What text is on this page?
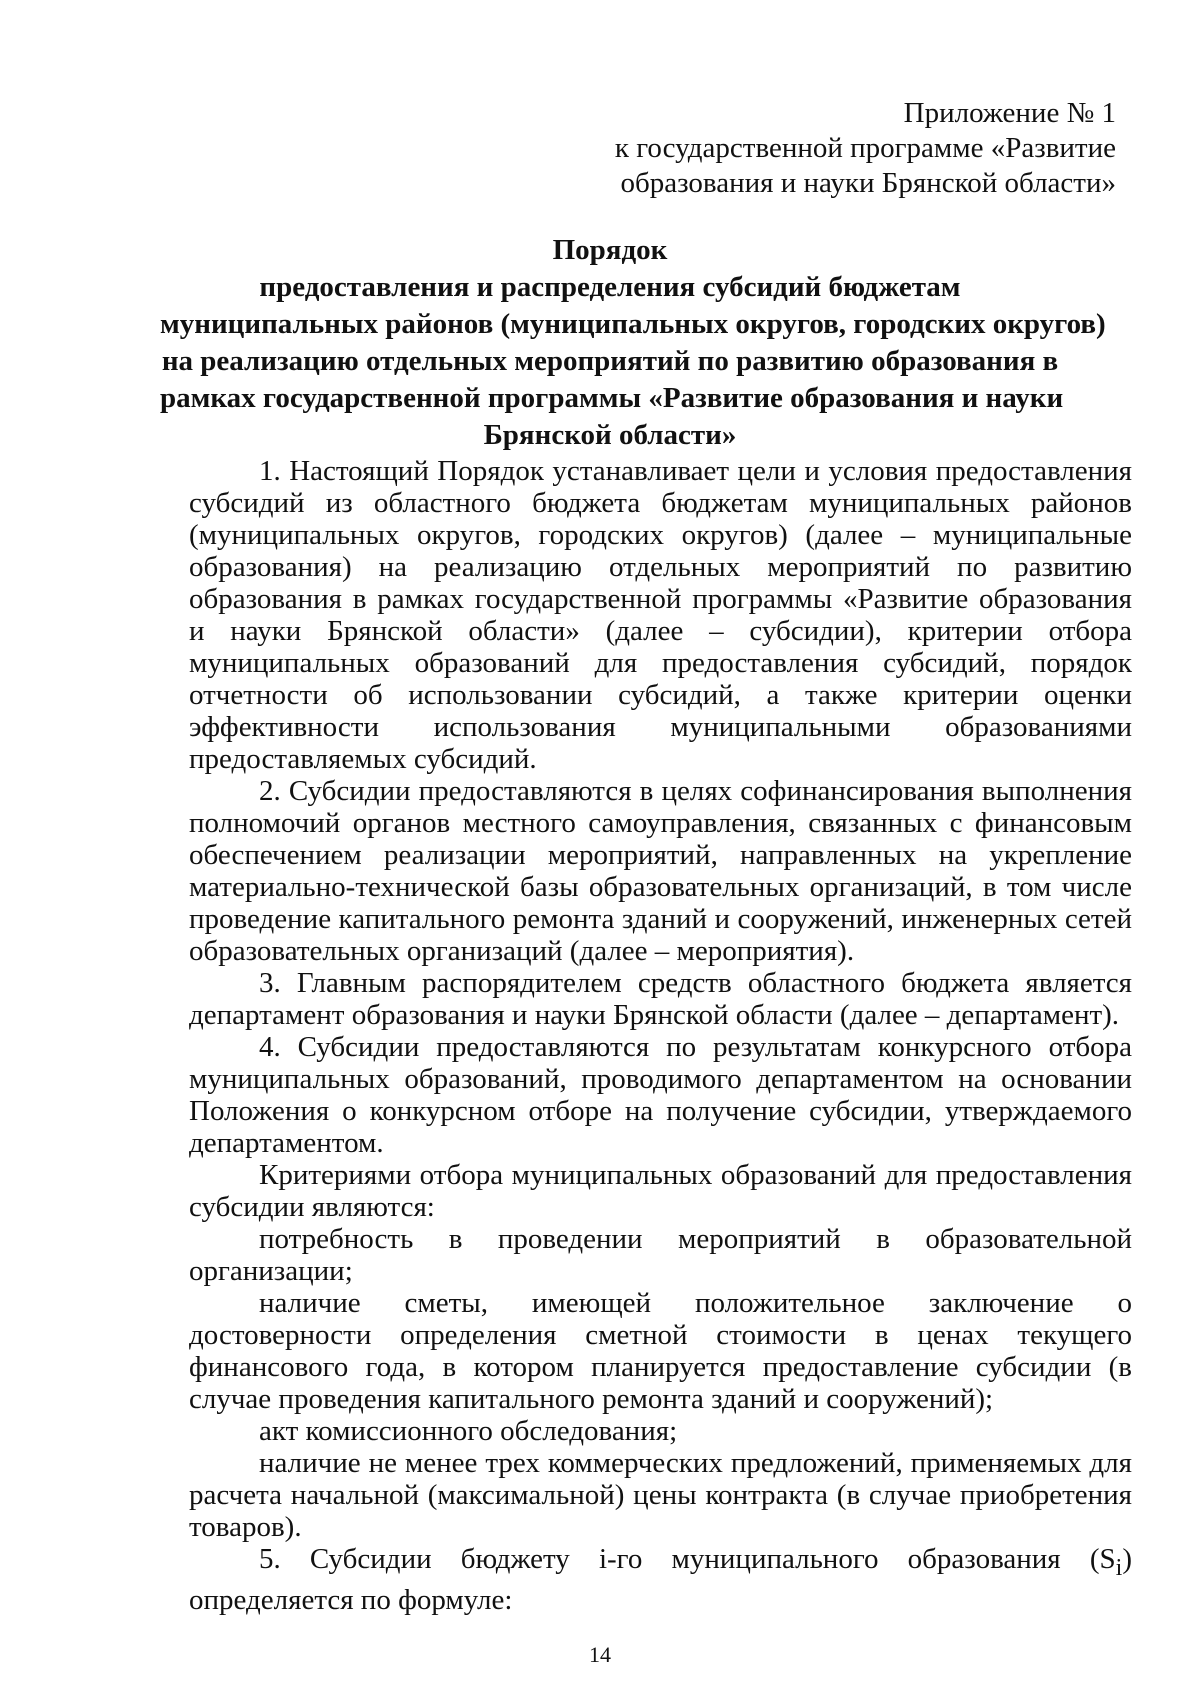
Приложение № 1
к государственной программе «Развитие
образования и науки Брянской области»
Порядок
предоставления и распределения субсидий бюджетам
муниципальных районов (муниципальных округов, городских округов)
на реализацию отдельных мероприятий по развитию образования в
рамках государственной программы «Развитие образования и науки
Брянской области»

1. Настоящий Порядок устанавливает цели и условия предоставления субсидий из областного бюджета бюджетам муниципальных районов (муниципальных округов, городских округов) (далее – муниципальные образования) на реализацию отдельных мероприятий по развитию образования в рамках государственной программы «Развитие образования и науки Брянской области» (далее – субсидии), критерии отбора муниципальных образований для предоставления субсидий, порядок отчетности об использовании субсидий, а также критерии оценки эффективности использования муниципальными образованиями предоставляемых субсидий.

2. Субсидии предоставляются в целях софинансирования выполнения полномочий органов местного самоуправления, связанных с финансовым обеспечением реализации мероприятий, направленных на укрепление материально-технической базы образовательных организаций, в том числе проведение капитального ремонта зданий и сооружений, инженерных сетей образовательных организаций (далее – мероприятия).

3. Главным распорядителем средств областного бюджета является департамент образования и науки Брянской области (далее – департамент).

4. Субсидии предоставляются по результатам конкурсного отбора муниципальных образований, проводимого департаментом на основании Положения о конкурсном отборе на получение субсидии, утверждаемого департаментом.

Критериями отбора муниципальных образований для предоставления субсидии являются:

потребность в проведении мероприятий в образовательной организации;

наличие сметы, имеющей положительное заключение о достоверности определения сметной стоимости в ценах текущего финансового года, в котором планируется предоставление субсидии (в случае проведения капитального ремонта зданий и сооружений);

акт комиссионного обследования;

наличие не менее трех коммерческих предложений, применяемых для расчета начальной (максимальной) цены контракта (в случае приобретения товаров).

5. Субсидии бюджету i-го муниципального образования $(S_i)$

определяется по формуле:

14
